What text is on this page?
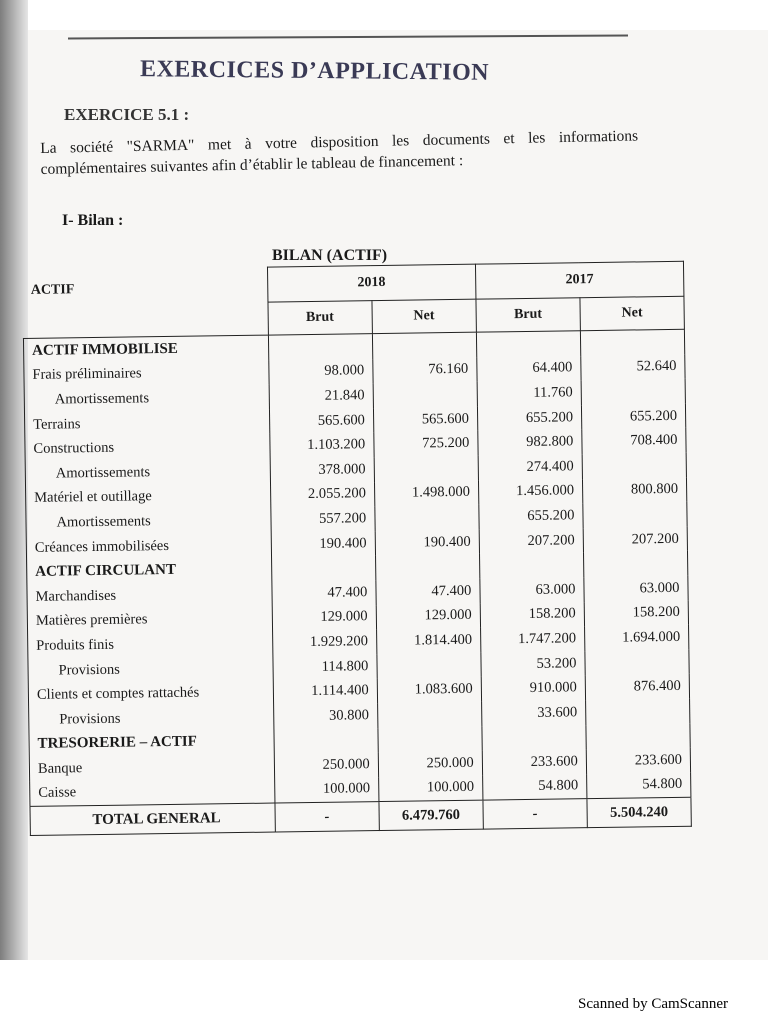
EXERCICES D’APPLICATION
EXERCICE 5.1 :
La société "SARMA" met à votre disposition les documents et les informations complémentaires suivantes afin d’établir le tableau de financement :
I- Bilan :
BILAN (ACTIF)
ACTIF	2018		2017	
	Brut	Net	Brut	Net
ACTIF IMMOBILISE				
Frais préliminaires	98.000	76.160	64.400	52.640
Amortissements	21.840		11.760	
Terrains	565.600	565.600	655.200	655.200
Constructions	1.103.200	725.200	982.800	708.400
Amortissements	378.000		274.400	
Matériel et outillage	2.055.200	1.498.000	1.456.000	800.800
Amortissements	557.200		655.200	
Créances immobilisées	190.400	190.400	207.200	207.200
ACTIF CIRCULANT				
Marchandises	47.400	47.400	63.000	63.000
Matières premières	129.000	129.000	158.200	158.200
Produits finis	1.929.200	1.814.400	1.747.200	1.694.000
Provisions	114.800		53.200	
Clients et comptes rattachés	1.114.400	1.083.600	910.000	876.400
Provisions	30.800		33.600	
TRESORERIE – ACTIF				
Banque	250.000	250.000	233.600	233.600
Caisse	100.000	100.000	54.800	54.800
TOTAL GENERAL	-	6.479.760	-	5.504.240
Scanned by CamScanner
